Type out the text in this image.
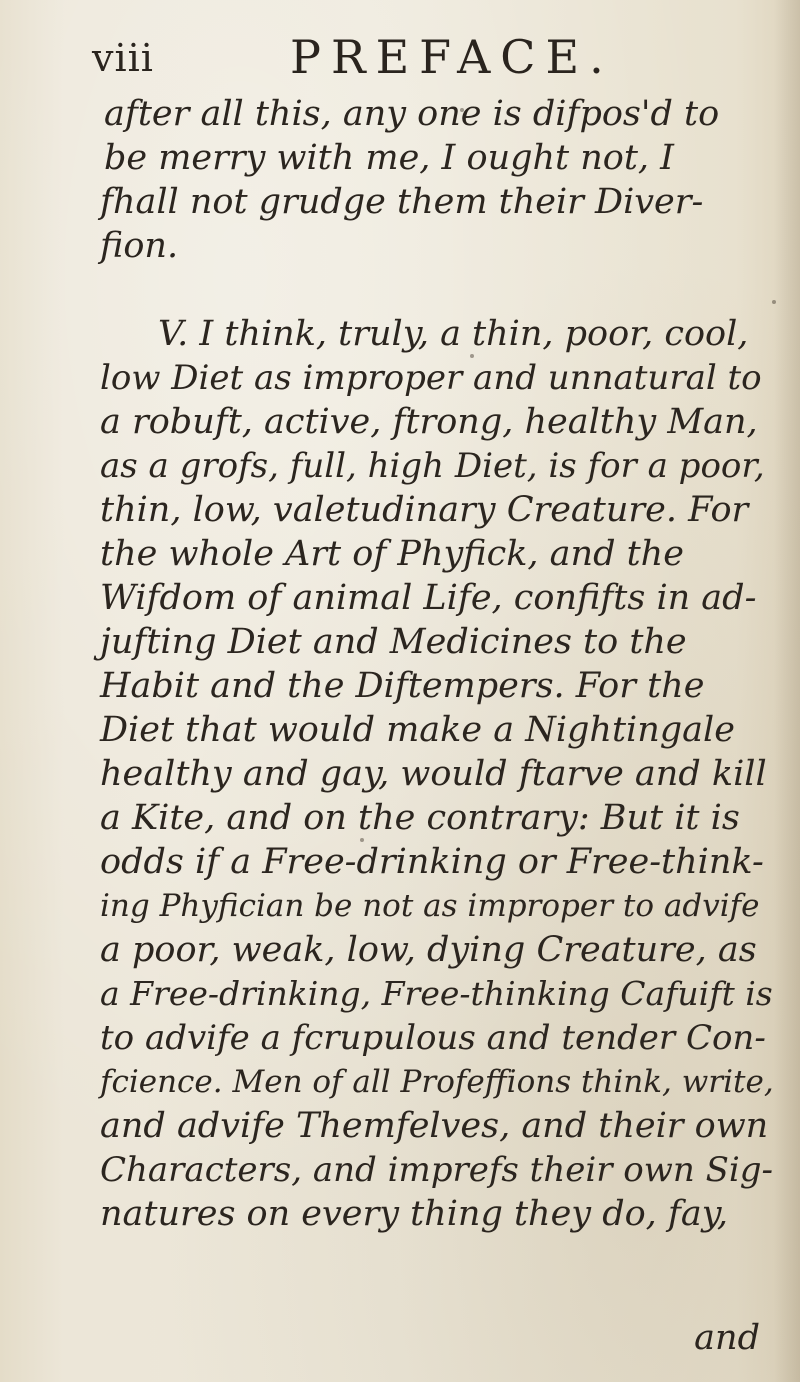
viii	PREFACE.
after all this, any one is difpos'd to
be merry with me, I ought not, I
fhall not grudge them their Diver-
fion.
V. I think, truly, a thin, poor, cool,
low Diet as improper and unnatural to
a robuft, active, ftrong, healthy Man,
as a grofs, full, high Diet, is for a poor,
thin, low, valetudinary Creature. For
the whole Art of Phyfick, and the
Wifdom of animal Life, confifts in ad-
jufting Diet and Medicines to the
Habit and the Diftempers. For the
Diet that would make a Nightingale
healthy and gay, would ftarve and kill
a Kite, and on the contrary: But it is
odds if a Free-drinking or Free-think-
ing Phyfician be not as improper to advife
a poor, weak, low, dying Creature, as
a Free-drinking, Free-thinking Cafuift is
to advife a fcrupulous and tender Con-
fcience. Men of all Profeffions think, write,
and advife Themfelves, and their own
Characters, and imprefs their own Sig-
natures on every thing they do, fay,
and
